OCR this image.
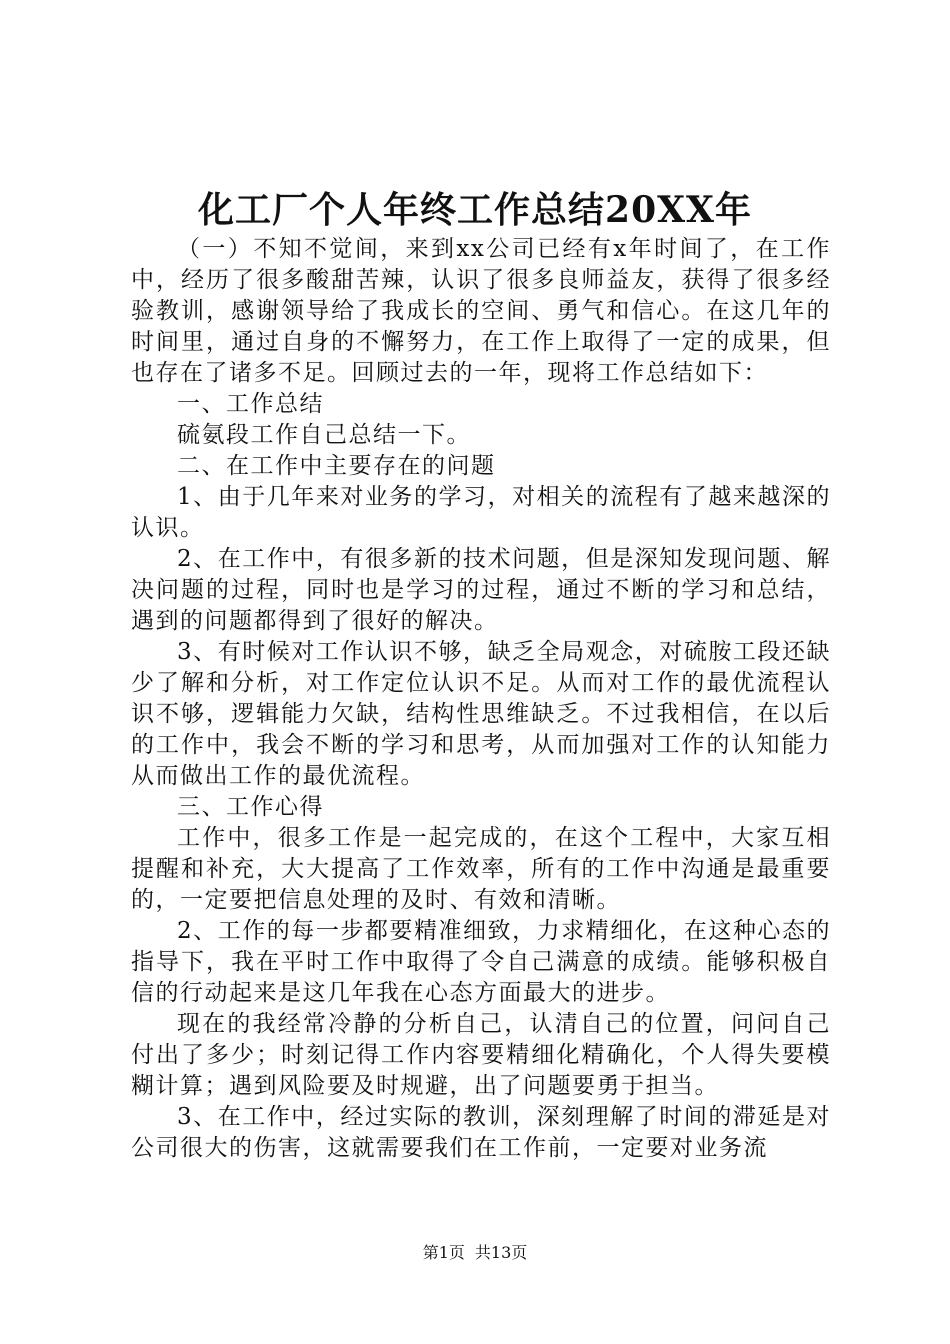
化工厂个人年终工作总结20XX年

（一）不知不觉间，来到xx公司已经有x年时间了，在工作中，经历了很多酸甜苦辣，认识了很多良师益友，获得了很多经验教训，感谢领导给了我成长的空间、勇气和信心。在这几年的时间里，通过自身的不懈努力，在工作上取得了一定的成果，但也存在了诸多不足。回顾过去的一年，现将工作总结如下：

一、工作总结

硫氨段工作自己总结一下。

二、在工作中主要存在的问题

1、由于几年来对业务的学习，对相关的流程有了越来越深的认识。

2、在工作中，有很多新的技术问题，但是深知发现问题、解决问题的过程，同时也是学习的过程，通过不断的学习和总结，遇到的问题都得到了很好的解决。

3、有时候对工作认识不够，缺乏全局观念，对硫胺工段还缺少了解和分析，对工作定位认识不足。从而对工作的最优流程认识不够，逻辑能力欠缺，结构性思维缺乏。不过我相信，在以后的工作中，我会不断的学习和思考，从而加强对工作的认知能力从而做出工作的最优流程。

三、工作心得

工作中，很多工作是一起完成的，在这个工程中，大家互相提醒和补充，大大提高了工作效率，所有的工作中沟通是最重要的，一定要把信息处理的及时、有效和清晰。

2、工作的每一步都要精准细致，力求精细化，在这种心态的指导下，我在平时工作中取得了令自己满意的成绩。能够积极自信的行动起来是这几年我在心态方面最大的进步。

现在的我经常冷静的分析自己，认清自己的位置，问问自己付出了多少；时刻记得工作内容要精细化精确化，个人得失要模糊计算；遇到风险要及时规避，出了问题要勇于担当。

3、在工作中，经过实际的教训，深刻理解了时间的滞延是对公司很大的伤害，这就需要我们在工作前，一定要对业务流

第1页 共13页
